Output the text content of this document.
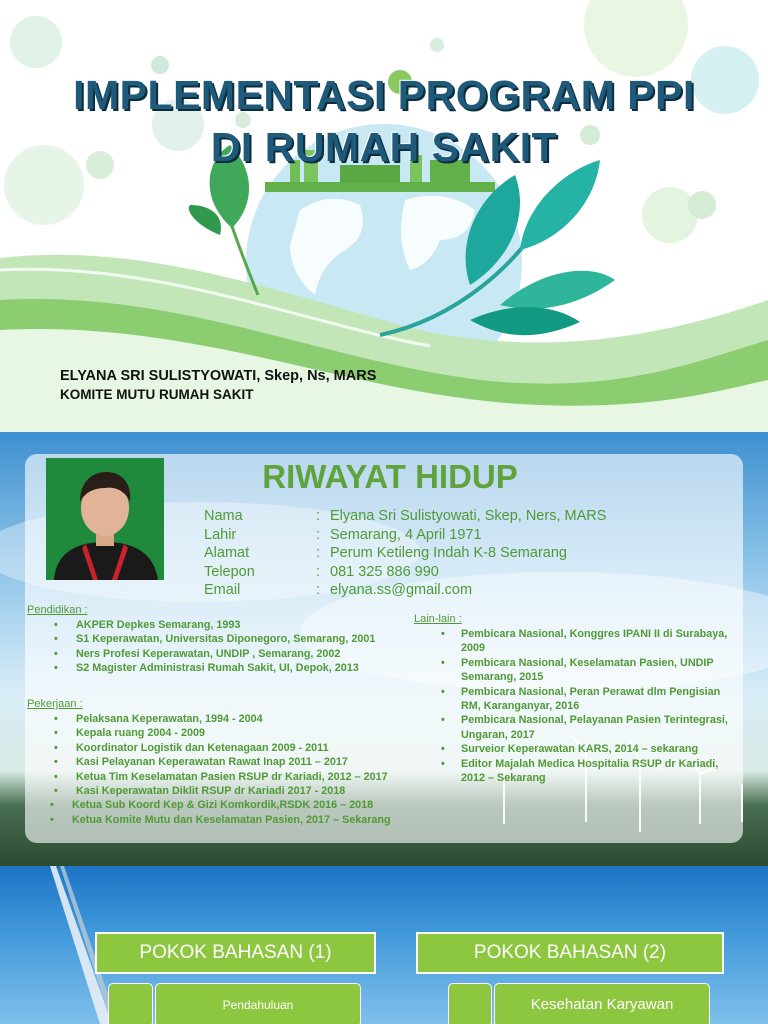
IMPLEMENTASI PROGRAM PPI
DI RUMAH SAKIT
ELYANA SRI SULISTYOWATI, Skep, Ns, MARS
KOMITE MUTU RUMAH SAKIT
RIWAYAT HIDUP
Nama	: Elyana Sri Sulistyowati, Skep, Ners, MARS
Lahir	: Semarang, 4 April 1971
Alamat	: Perum Ketileng Indah K-8 Semarang
Telepon	: 081 325 886 990
Email	: elyana.ss@gmail.com
Pendidikan :
• AKPER Depkes Semarang, 1993
• S1 Keperawatan, Universitas Diponegoro, Semarang, 2001
• Ners Profesi Keperawatan, UNDIP , Semarang, 2002
• S2 Magister Administrasi Rumah Sakit, UI, Depok, 2013
Pekerjaan :
• Pelaksana Keperawatan, 1994 - 2004
• Kepala ruang 2004 - 2009
• Koordinator Logistik dan Ketenagaan 2009 - 2011
• Kasi Pelayanan Keperawatan Rawat Inap 2011 – 2017
• Ketua Tim Keselamatan Pasien RSUP dr Kariadi, 2012 – 2017
• Kasi Keperawatan Diklit RSUP dr Kariadi 2017 - 2018
• Ketua Sub Koord Kep & Gizi Komkordik,RSDK 2016 – 2018
• Ketua Komite Mutu dan Keselamatan Pasien, 2017 – Sekarang
Lain-lain :
• Pembicara Nasional, Konggres IPANI II di Surabaya, 2009
• Pembicara Nasional, Keselamatan Pasien, UNDIP Semarang, 2015
• Pembicara Nasional, Peran Perawat dlm Pengisian RM, Karanganyar, 2016
• Pembicara Nasional, Pelayanan Pasien Terintegrasi, Ungaran, 2017
• Surveior Keperawatan KARS, 2014 – sekarang
• Editor Majalah Medica Hospitalia RSUP dr Kariadi, 2012 – Sekarang
POKOK BAHASAN (1)	POKOK BAHASAN (2)
Pendahuluan	Kesehatan Karyawan
